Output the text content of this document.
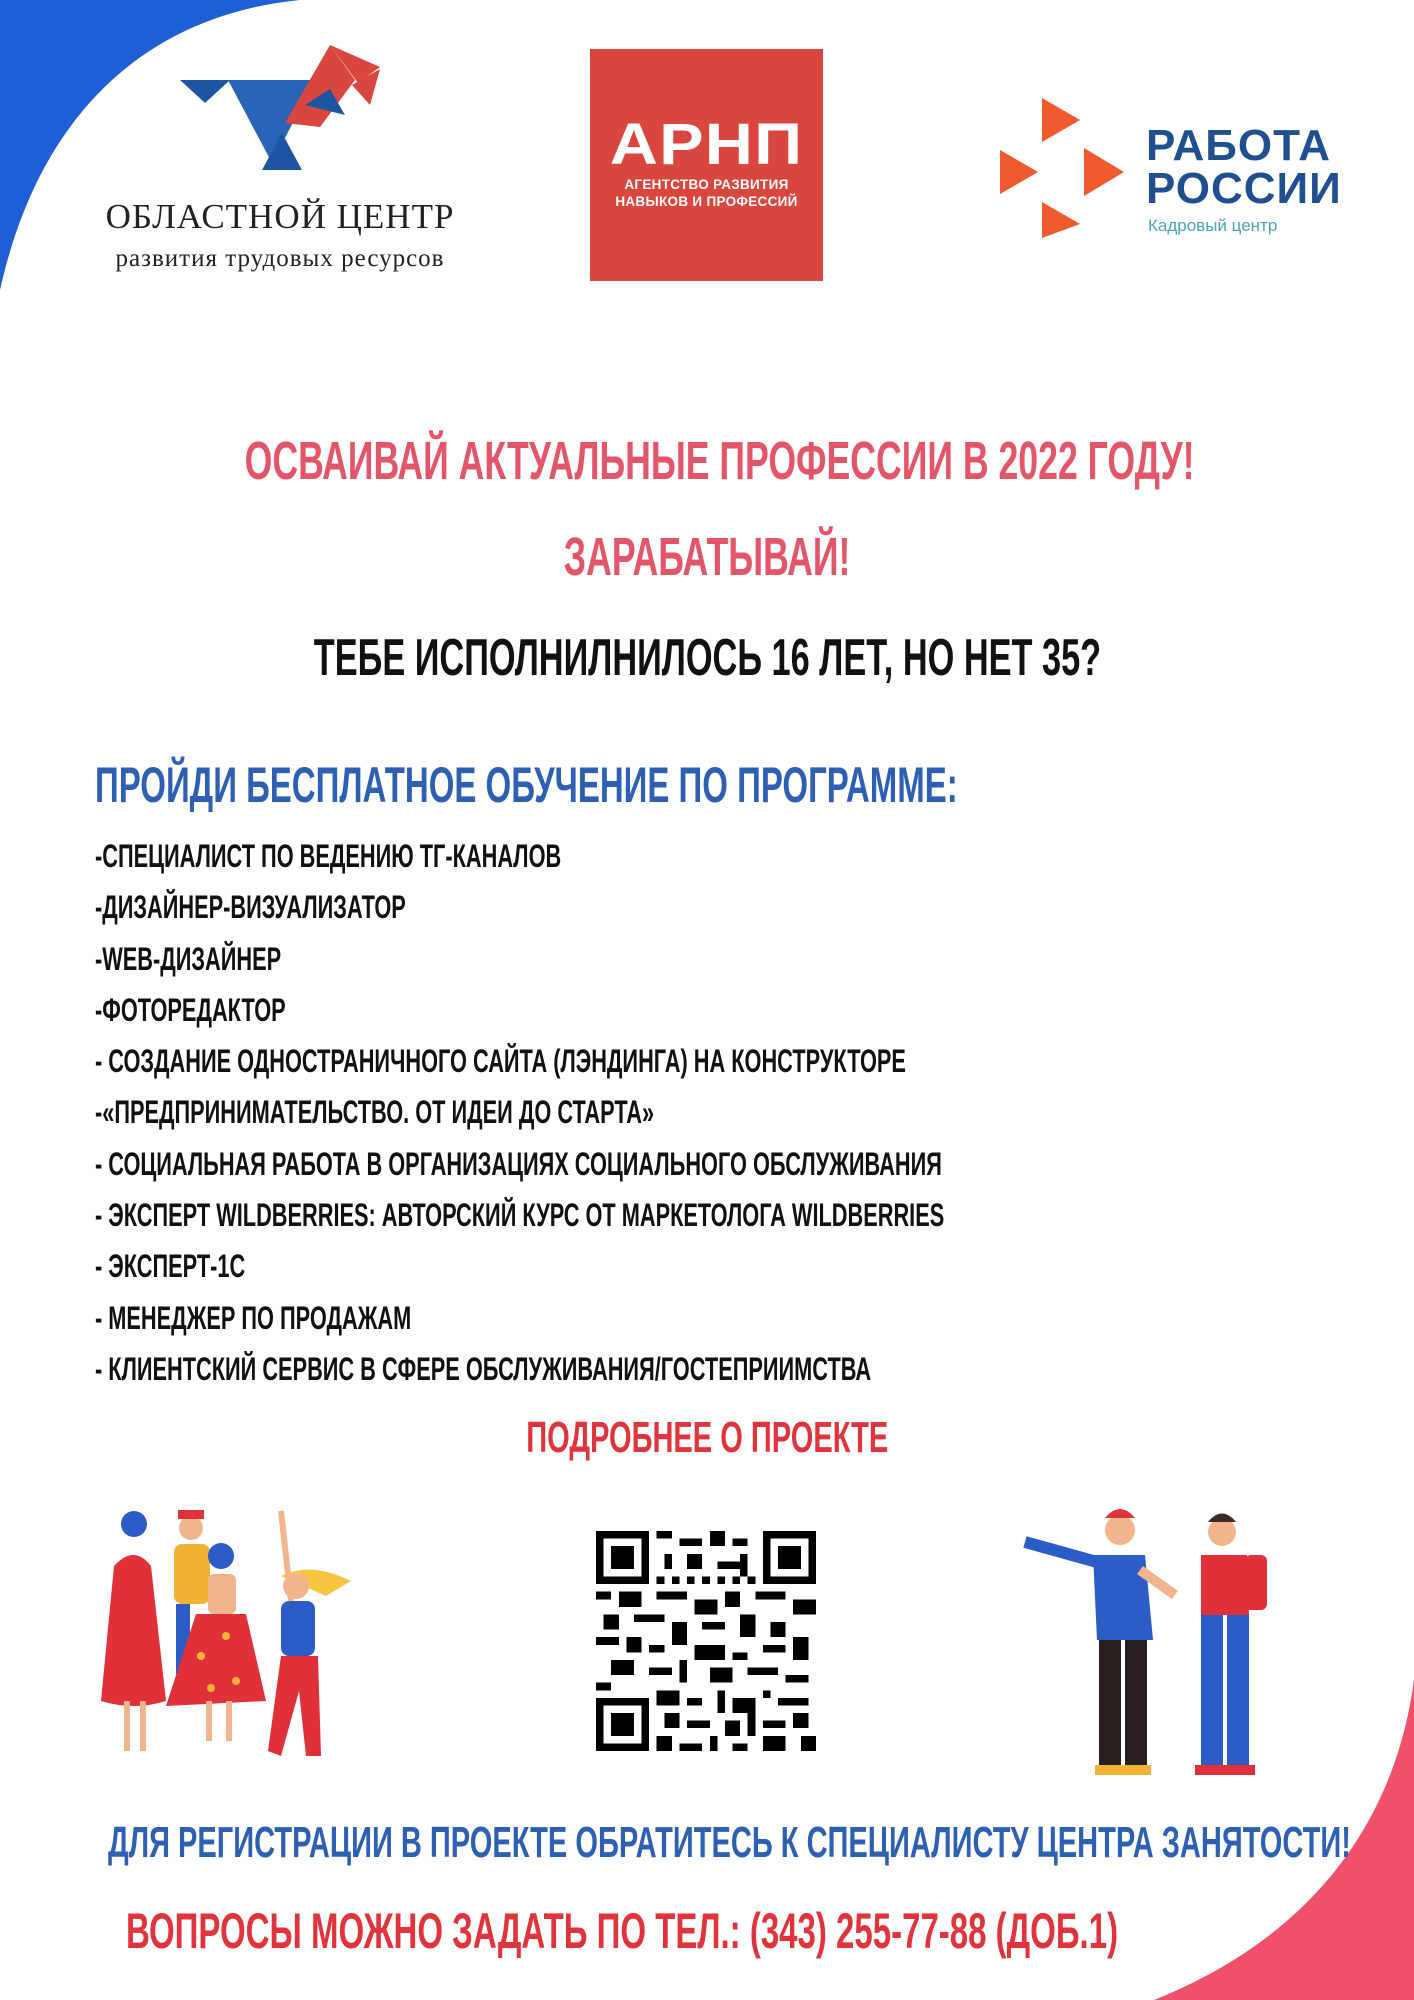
ОБЛАСТНОЙ ЦЕНТР
развития трудовых ресурсов
АРНП
АГЕНТСТВО РАЗВИТИЯ
НАВЫКОВ И ПРОФЕССИЙ
РАБОТА
РОССИИ
Кадровый центр
ОСВАИВАЙ АКТУАЛЬНЫЕ ПРОФЕССИИ В 2022 ГОДУ!
ЗАРАБАТЫВАЙ!
ТЕБЕ ИСПОЛНИЛНИЛОСЬ 16 ЛЕТ, НО НЕТ 35?
ПРОЙДИ БЕСПЛАТНОЕ ОБУЧЕНИЕ ПО ПРОГРАММЕ:
-СПЕЦИАЛИСТ ПО ВЕДЕНИЮ ТГ-КАНАЛОВ
-ДИЗАЙНЕР-ВИЗУАЛИЗАТОР
-WEB-ДИЗАЙНЕР
-ФОТОРЕДАКТОР
- СОЗДАНИЕ ОДНОСТРАНИЧНОГО САЙТА (ЛЭНДИНГА) НА КОНСТРУКТОРЕ
-«ПРЕДПРИНИМАТЕЛЬСТВО. ОТ ИДЕИ ДО СТАРТА»
- СОЦИАЛЬНАЯ РАБОТА В ОРГАНИЗАЦИЯХ СОЦИАЛЬНОГО ОБСЛУЖИВАНИЯ
- ЭКСПЕРТ WILDBERRIES: АВТОРСКИЙ КУРС ОТ МАРКЕТОЛОГА WILDBERRIES
- ЭКСПЕРТ-1С
- МЕНЕДЖЕР ПО ПРОДАЖАМ
- КЛИЕНТСКИЙ СЕРВИС В СФЕРЕ ОБСЛУЖИВАНИЯ/ГОСТЕПРИИМСТВА
ПОДРОБНЕЕ О ПРОЕКТЕ
ДЛЯ РЕГИСТРАЦИИ В ПРОЕКТЕ ОБРАТИТЕСЬ К СПЕЦИАЛИСТУ ЦЕНТРА ЗАНЯТОСТИ!
ВОПРОСЫ МОЖНО ЗАДАТЬ ПО ТЕЛ.: (343) 255-77-88 (ДОБ.1)
